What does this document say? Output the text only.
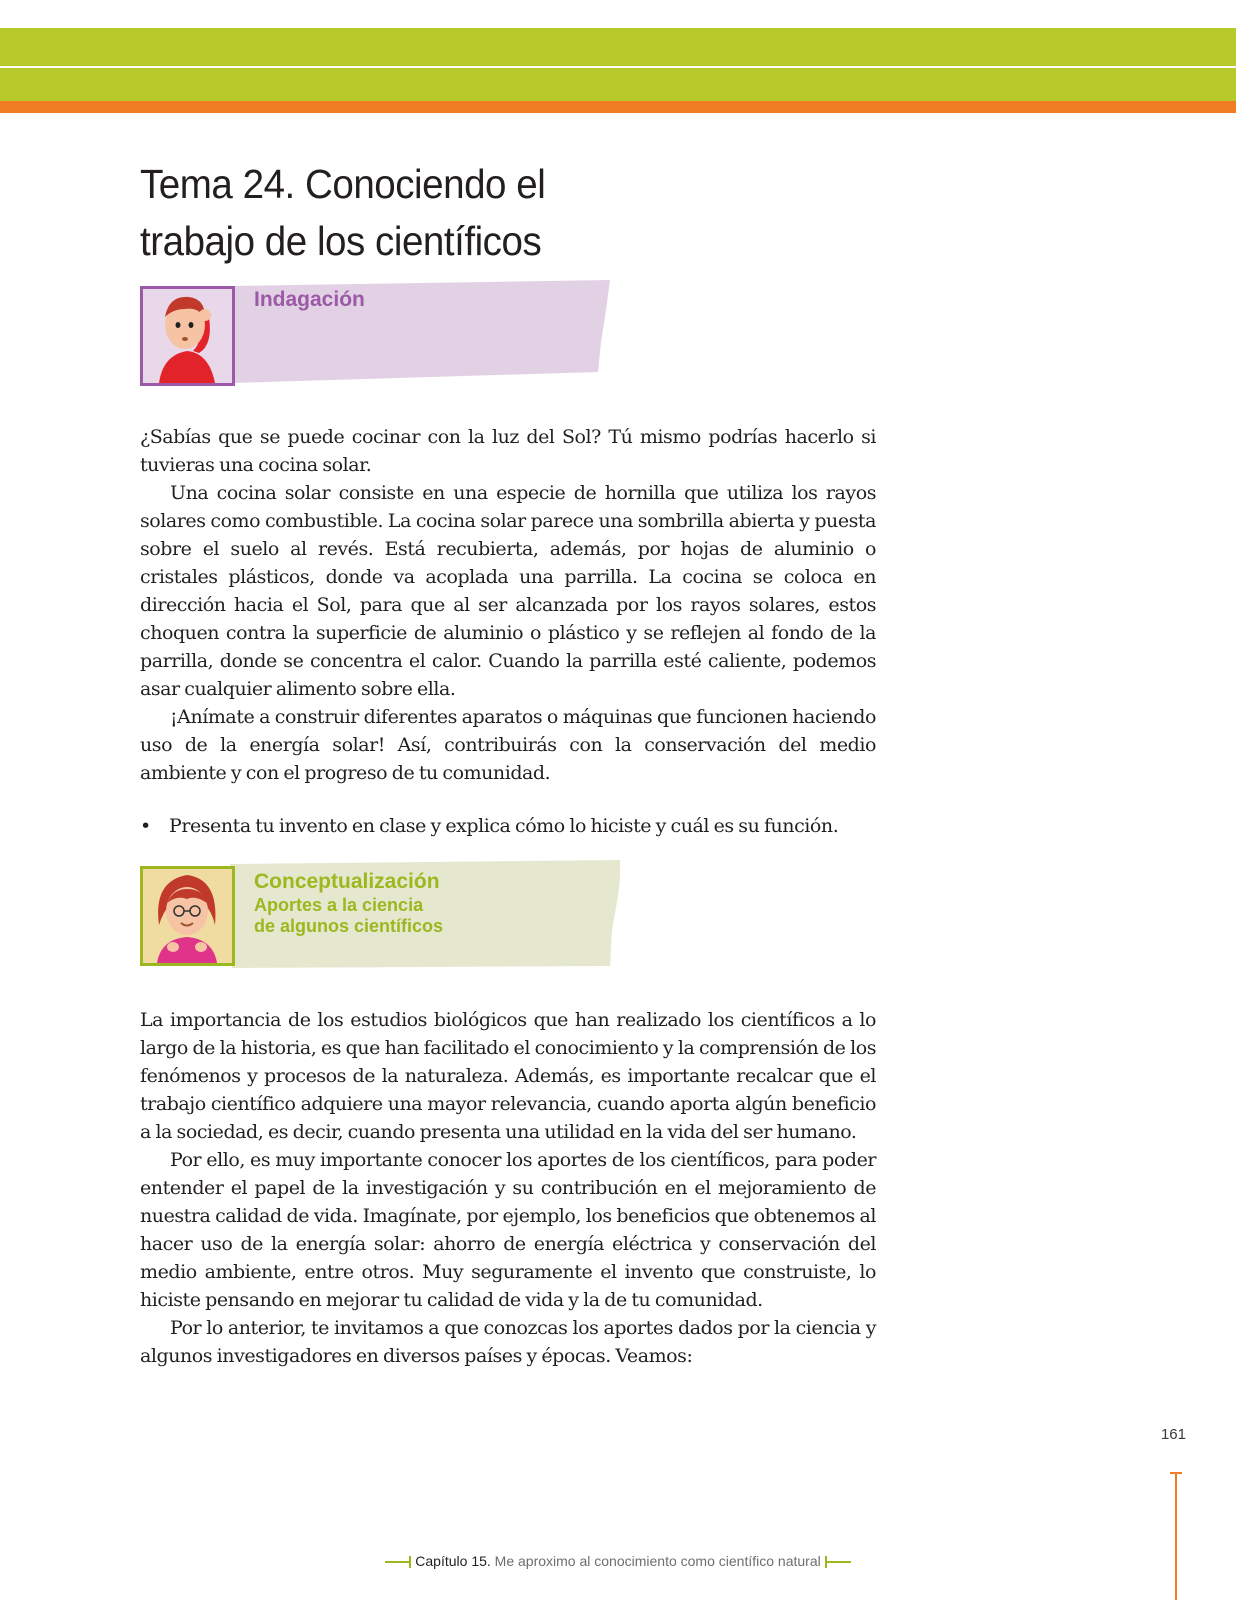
Tema 24. Conociendo el
trabajo de los científicos
Indagación

¿Sabías que se puede cocinar con la luz del Sol? Tú mismo podrías hacerlo si tuvieras una cocina solar.

Una cocina solar consiste en una especie de hornilla que utiliza los rayos solares como combustible. La cocina solar parece una sombrilla abierta y puesta sobre el suelo al revés. Está recubierta, además, por hojas de aluminio o cristales plásticos, donde va acoplada una parrilla. La cocina se coloca en dirección hacia el Sol, para que al ser alcanzada por los rayos solares, estos choquen contra la superficie de aluminio o plástico y se reflejen al fondo de la parrilla, donde se concentra el calor. Cuando la parrilla esté caliente, podemos asar cualquier alimento sobre ella.

¡Anímate a construir diferentes aparatos o máquinas que funcionen haciendo uso de la energía solar! Así, contribuirás con la conservación del medio ambiente y con el progreso de tu comunidad.

• Presenta tu invento en clase y explica cómo lo hiciste y cuál es su función.
Conceptualización
Aportes a la ciencia
de algunos científicos

La importancia de los estudios biológicos que han realizado los científicos a lo largo de la historia, es que han facilitado el conocimiento y la comprensión de los fenómenos y procesos de la naturaleza. Además, es importante recalcar que el trabajo científico adquiere una mayor relevancia, cuando aporta algún beneficio a la sociedad, es decir, cuando presenta una utilidad en la vida del ser humano.

Por ello, es muy importante conocer los aportes de los científicos, para poder entender el papel de la investigación y su contribución en el mejoramiento de nuestra calidad de vida. Imagínate, por ejemplo, los beneficios que obtenemos al hacer uso de la energía solar: ahorro de energía eléctrica y conservación del medio ambiente, entre otros. Muy seguramente el invento que construiste, lo hiciste pensando en mejorar tu calidad de vida y la de tu comunidad.

Por lo anterior, te invitamos a que conozcas los aportes dados por la ciencia y algunos investigadores en diversos países y épocas. Veamos:

161
Capítulo 15. Me aproximo al conocimiento como científico natural
